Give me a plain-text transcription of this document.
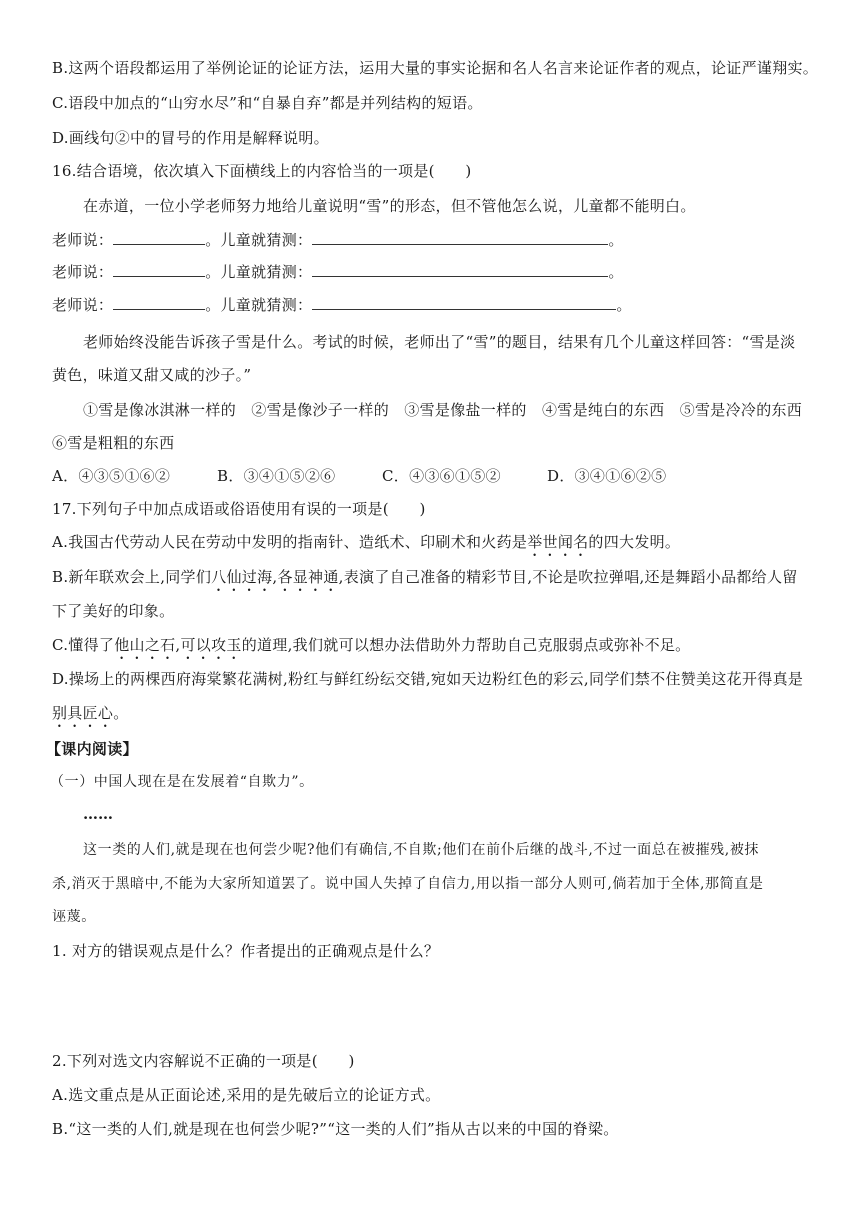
B.这两个语段都运用了举例论证的论证方法，运用大量的事实论据和名人名言来论证作者的观点，论证严谨翔实。
C.语段中加点的“山穷水尽”和“自暴自弃”都是并列结构的短语。
D.画线句②中的冒号的作用是解释说明。
16.结合语境，依次填入下面横线上的内容恰当的一项是(　　)
在赤道，一位小学老师努力地给儿童说明“雪”的形态，但不管他怎么说，儿童都不能明白。
老师说：	。儿童就猜测：	。
老师说：	。儿童就猜测：	。
老师说：	。儿童就猜测：	。
老师始终没能告诉孩子雪是什么。考试的时候，老师出了“雪”的题目，结果有几个儿童这样回答：“雪是淡
黄色，味道又甜又咸的沙子。”
①雪是像冰淇淋一样的　②雪是像沙子一样的　③雪是像盐一样的　④雪是纯白的东西　⑤雪是冷冷的东西
⑥雪是粗粗的东西
A．④③⑤①⑥②	B．③④①⑤②⑥	C．④③⑥①⑤②	D．③④①⑥②⑤
17.下列句子中加点成语或俗语使用有误的一项是(　　)
A.我国古代劳动人民在劳动中发明的指南针、造纸术、印刷术和火药是举世闻名的四大发明。
B.新年联欢会上,同学们八仙过海,各显神通,表演了自己准备的精彩节目,不论是吹拉弹唱,还是舞蹈小品都给人留
下了美好的印象。
C.懂得了他山之石,可以攻玉的道理,我们就可以想办法借助外力帮助自己克服弱点或弥补不足。
D.操场上的两棵西府海棠繁花满树,粉红与鲜红纷纭交错,宛如天边粉红色的彩云,同学们禁不住赞美这花开得真是
别具匠心。
【课内阅读】
（一）中国人现在是在发展着“自欺力”。
……
这一类的人们,就是现在也何尝少呢?他们有确信,不自欺;他们在前仆后继的战斗,不过一面总在被摧残,被抹
杀,消灭于黑暗中,不能为大家所知道罢了。说中国人失掉了自信力,用以指一部分人则可,倘若加于全体,那简直是
诬蔑。
1. 对方的错误观点是什么？作者提出的正确观点是什么？
2.下列对选文内容解说不正确的一项是(　　)
A.选文重点是从正面论述,采用的是先破后立的论证方式。
B.“这一类的人们,就是现在也何尝少呢?”“这一类的人们”指从古以来的中国的脊梁。
